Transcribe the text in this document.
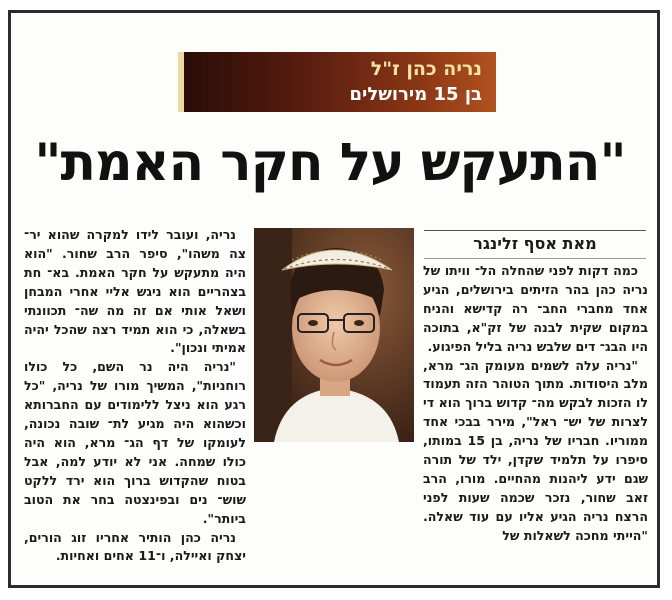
נריה כהן ז"ל
בן 15 מירושלים
"התעקש על חקר האמת"
מאת אסף זלינגר

כמה דקות לפני שהחלה הל־ וויתו של נריה כהן בהר הזיתים בירושלים, הגיע אחד מחברי החב־ רה קדישא והניח במקום שקית לבנה של זק"א, בתוכה היו הבג־ דים שלבש נריה בליל הפיגוע.

"נריה עלה לשמים מעומק הג־ מרא, מלב היסודות. מתוך הטוהר הזה תעמוד לו הזכות לבקש מה־ קדוש ברוך הוא די לצרות של יש־ ראל", מירר בבכי אחד ממוריו. חבריו של נריה, בן 15 במותו, סיפרו על תלמיד שקדן, ילד של תורה שגם ידע ליהנות מהחיים. מורו, הרב זאב שחור, נזכר שכמה שעות לפני הרצח נריה הגיע אליו עם עוד שאלה. "הייתי מחכה לשאלות של

נריה, ועובר לידו למקרה שהוא יר־ צה משהו", סיפר הרב שחור. "הוא היה מתעקש על חקר האמת. בא־ חת בצהריים הוא ניגש אליי אחרי המבחן ושאל אותי אם זה מה שה־ תכוונתי בשאלה, כי הוא תמיד רצה שהכל יהיה אמיתי ונכון".

"נריה היה נר השם, כל כולו רוחניות", המשיך מורו של נריה, "כל רגע הוא ניצל ללימודים עם החברותא וכשהוא היה מגיע לת־ שובה נכונה, לעומקו של דף הג־ מרא, הוא היה כולו שמחה. אני לא יודע למה, אבל בטוח שהקדוש ברוך הוא ירד ללקט שוש־ נים ובפינצטה בחר את הטוב ביותר".

נריה כהן הותיר אחריו זוג הורים, יצחק ואיילה, ו־11 אחים ואחיות.
